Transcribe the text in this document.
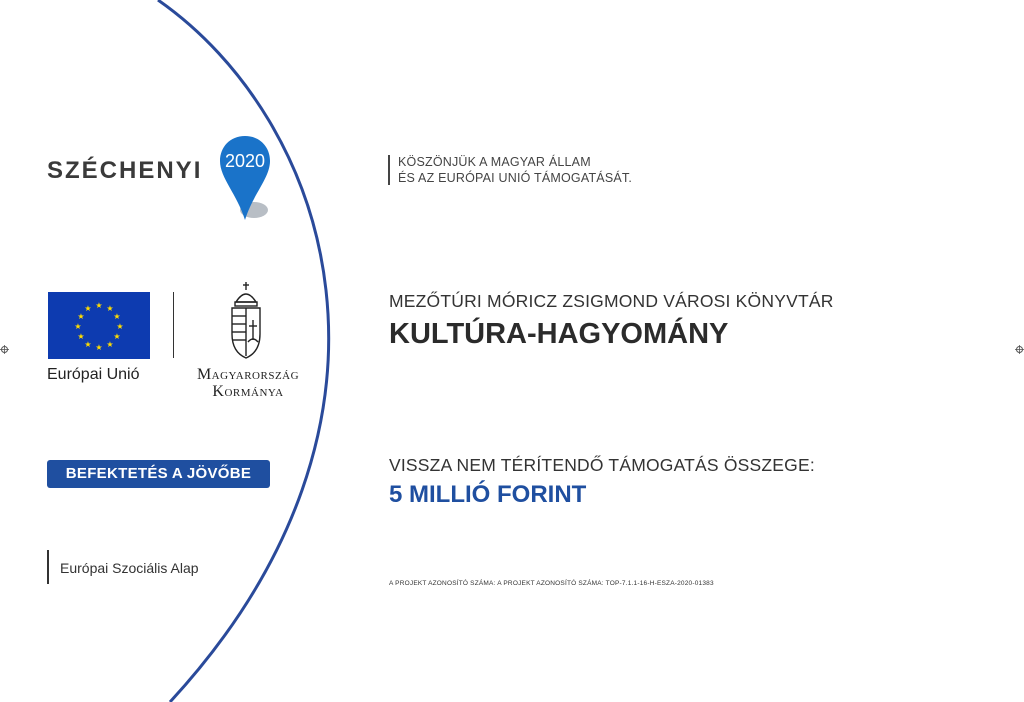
SZÉCHENYI 2020
★ ★
★
★
★
★
★
★
★
★
★
★
Európai Unió	Magyarország
Kormánya
BEFEKTETÉS A JÖVŐBE
Európai Szociális Alap
KÖSZÖNJÜK A MAGYAR ÁLLAM
ÉS AZ EURÓPAI UNIÓ TÁMOGATÁSÁT.
MEZŐTÚRI MÓRICZ ZSIGMOND VÁROSI KÖNYVTÁR
KULTÚRA-HAGYOMÁNY
VISSZA NEM TÉRÍTENDŐ TÁMOGATÁS ÖSSZEGE:
5 MILLIÓ FORINT
A PROJEKT AZONOSÍTÓ SZÁMA: A PROJEKT AZONOSÍTÓ SZÁMA: TOP-7.1.1-16-H-ESZA-2020-01383
